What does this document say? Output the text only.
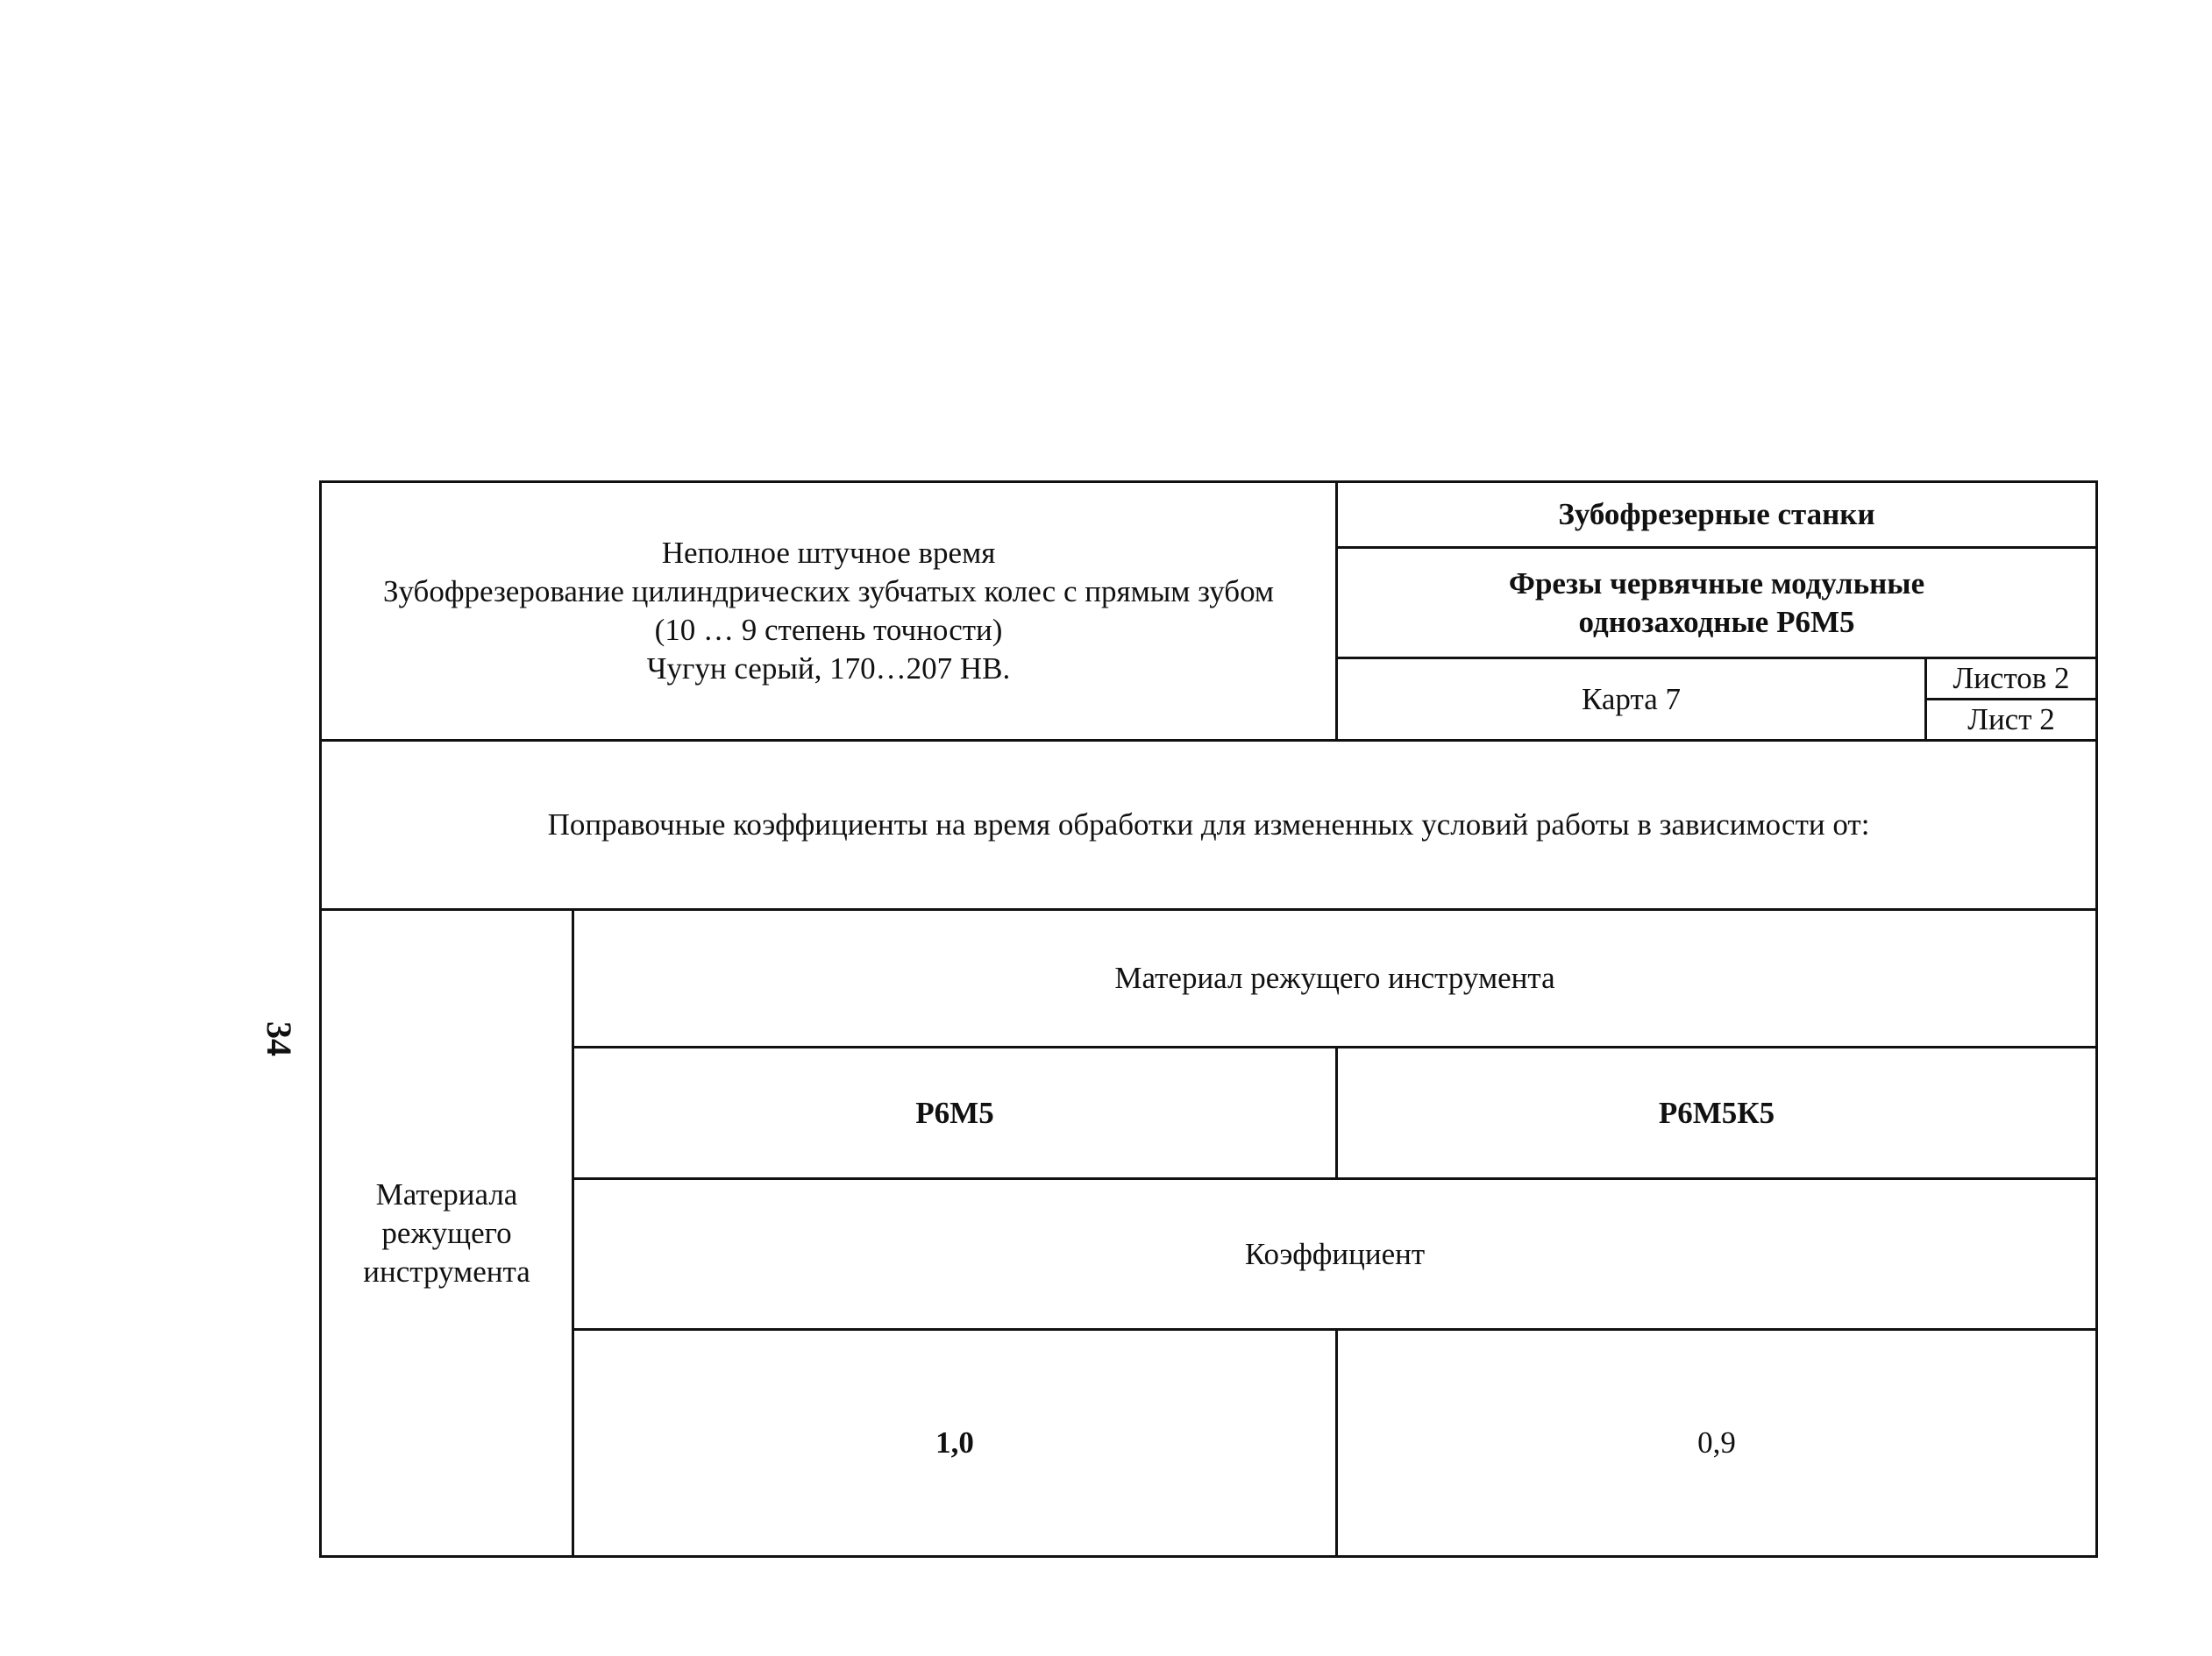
34
Неполное штучное время
Зубофрезерование цилиндрических зубчатых колес с прямым зубом
(10 … 9 степень точности)
Чугун серый, 170…207 НВ.		Зубофрезерные станки	

		Фрезы червячные модульные
однозаходные Р6М5	

		Карта 7	Листов 2
			Лист 2
Поправочные коэффициенты на время обработки для измененных условий работы в зависимости от:			

Материала
режущего
инструмента	Материал режущего инструмента		
	Р6М5	Р6М5К5	
	Коэффициент		
	1,0	0,9	
